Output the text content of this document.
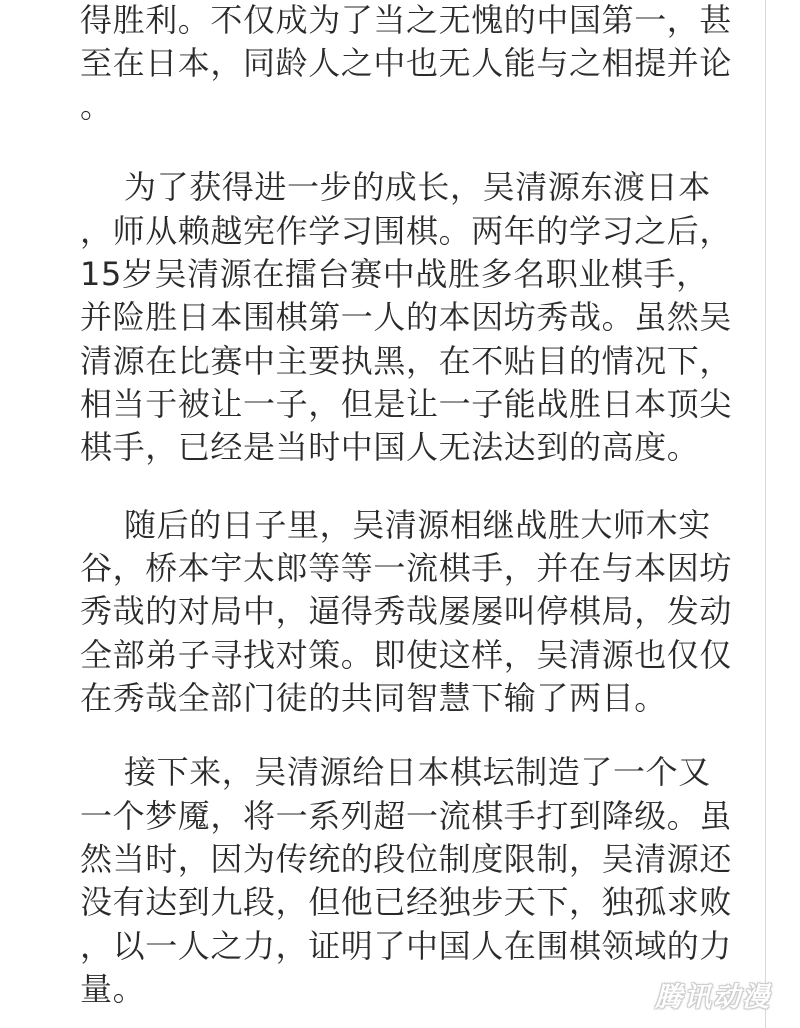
得胜利。不仅成为了当之无愧的中国第一，甚
至在日本，同龄人之中也无人能与之相提并论
。
为了获得进一步的成长，吴清源东渡日本
，师从赖越宪作学习围棋。两年的学习之后，
15岁吴清源在擂台赛中战胜多名职业棋手，
并险胜日本围棋第一人的本因坊秀哉。虽然吴
清源在比赛中主要执黑，在不贴目的情况下，
相当于被让一子，但是让一子能战胜日本顶尖
棋手，已经是当时中国人无法达到的高度。
随后的日子里，吴清源相继战胜大师木实
谷，桥本宇太郎等等一流棋手，并在与本因坊
秀哉的对局中，逼得秀哉屡屡叫停棋局，发动
全部弟子寻找对策。即使这样，吴清源也仅仅
在秀哉全部门徒的共同智慧下输了两目。
接下来，吴清源给日本棋坛制造了一个又
一个梦魇，将一系列超一流棋手打到降级。虽
然当时，因为传统的段位制度限制，吴清源还
没有达到九段，但他已经独步天下，独孤求败
，以一人之力，证明了中国人在围棋领域的力
量。	腾讯动漫
